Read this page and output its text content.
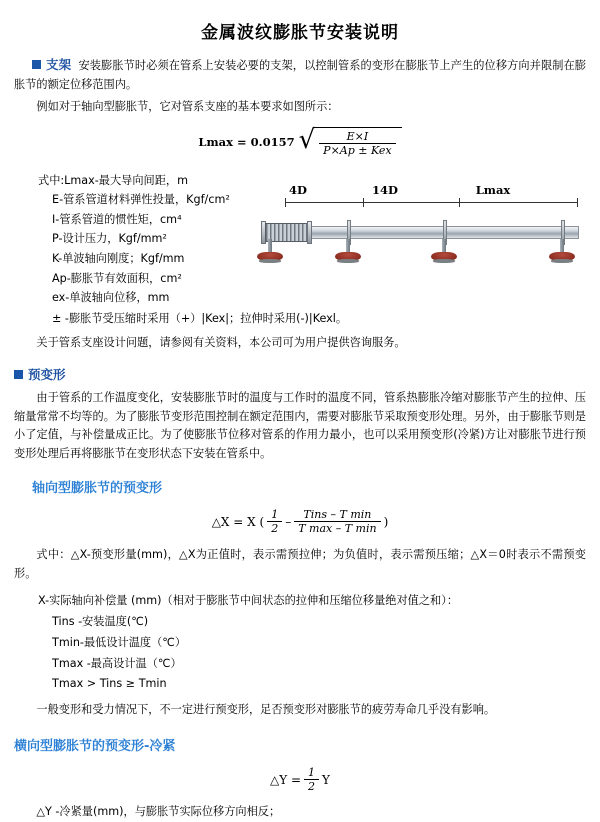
金属波纹膨胀节安装说明

支架 安装膨胀节时必须在管系上安装必要的支架，以控制管系的变形在膨胀节上产生的位移方向并限制在膨胀节的额定位移范围内。

例如对于轴向型膨胀节，它对管系支座的基本要求如图所示：

Lmax = 0.0157 √ $\frac{E\times I}{\text{P×Ap ± Kex}}$
式中:Lmax-最大导向间距，m
E-管系管道材料弹性投量，Kgf/cm²
I-管系管道的惯性矩，cm⁴
P-设计压力，Kgf/mm²
K-单波轴向刚度；Kgf/mm
Ap-膨胀节有效面积，cm²
ex-单波轴向位移，mm
4D	14D	Lmax

± -膨胀节受压缩时采用（+）|Kex|；拉伸时采用(-)|Kexl。

关于管系支座设计问题，请参阅有关资料，本公司可为用户提供咨询服务。

预变形

由于管系的工作温度变化，安装膨胀节时的温度与工作时的温度不同，管系热膨胀冷缩对膨胀节产生的拉伸、压缩量常常不均等的。为了膨胀节变形范围控制在额定范围内，需要对膨胀节采取预变形处理。另外，由于膨胀节则是小了定值，与补偿量成正比。为了使膨胀节位移对管系的作用力最小，也可以采用预变形(冷紧)方让对膨胀节进行预变形处理后再将膨胀节在变形状态下安装在管系中。

轴向型膨胀节的预变形
△X = X ( $\frac{1}{2} - \frac{\text{Tins – T min}}{\text{T max – T min}}$ )

式中：△X-预变形量(mm)，△X为正值时，表示需预拉伸；为负值时，表示需预压缩；△X＝0时表示不需预变形。

X-实际轴向补偿量 (mm)（相对于膨胀节中间状态的拉伸和压缩位移量绝对值之和）：
Tins -安装温度(℃)
Tmin-最低设计温度（℃）
Tmax -最高设计温（℃）
Tmax > Tins ≥ Tmin

一般变形和受力情况下，不一定进行预变形，足否预变形对膨胀节的疲劳寿命几乎没有影响。

横向型膨胀节的预变形-冷紧
△Y = $\frac{1}{2}$ Y

△Y -冷紧量(mm)，与膨胀节实际位移方向相反；
